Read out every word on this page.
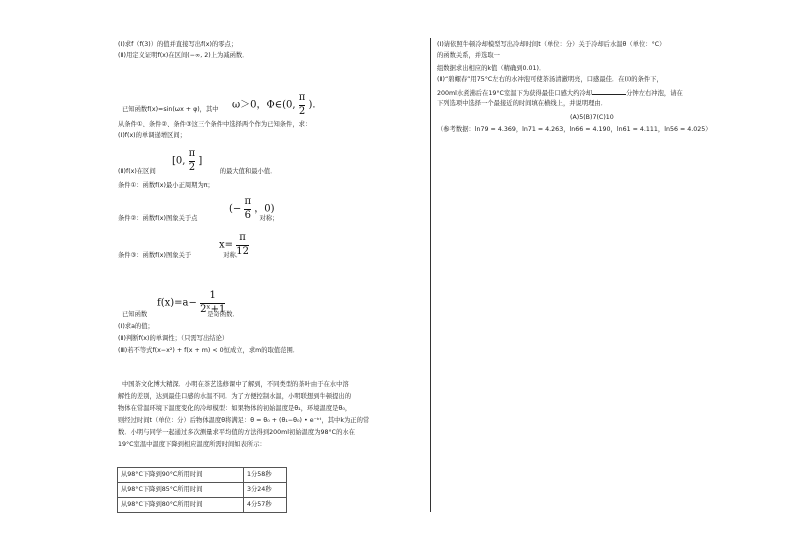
(Ⅰ)求f（f(3)）的值并直接写出f(x)的零点；
(Ⅱ)用定义证明f(x)在区间(−∞, 2)上为减函数．
ω＞0，Φ∈(0, $\frac{\pi}{2}$ )．
已知函数f(x)=sin(ωx + φ)，其中
从条件①、条件②、条件③这三个条件中选择两个作为已知条件，求：
(Ⅰ)f(x)的单调递增区间；
[0, $\frac{\pi}{2}$ ]
(Ⅱ)f(x)在区间	的最大值和最小值．
条件①：函数f(x)最小正周期为π；
(− $\frac{\pi}{6}$ ，0)
条件②：函数f(x)图象关于点	对称；
$x= \frac{\pi}{12}$
条件③：函数f(x)图象关于	对称．
$f(x)=a- \frac{1}{\text{2ˣ+1}}$
已知函数	是奇函数．
(Ⅰ)求a的值；
(Ⅱ)判断f(x)的单调性；（只需写出结论）
(Ⅲ)若不等式f(x−x²) + f(x + m) < 0恒成立，求m的取值范围．
中国茶文化博大精深．小明在茶艺选修课中了解到，不同类型的茶叶由于在水中溶
解性的差别，达到最佳口感的水温不同．为了方便控制水温，小明联想到牛顿提出的
物体在常温环境下温度变化的冷却模型：如果物体的初始温度是θ₁，环境温度是θ₀，
则经过时间t（单位：分）后物体温度θ将满足：θ = θ₀ + (θ₁−θ₀) • e⁻ᵏᵗ，其中k为正的常
数．小明与同学一起通过多次测量求平均值的方法得到200ml初始温度为98°C的水在
19°C室温中温度下降到相应温度所需时间如表所示：
从98°C下降到90°C所用时间	1分58秒
从98°C下降到85°C所用时间	3分24秒
从98°C下降到80°C所用时间	4分57秒
(Ⅰ)请依照牛顿冷却模型写出冷却时间t（单位：分）关于冷却后水温θ（单位：°C）
的函数关系，并选取一
组数据求出相应的k值（精确到0.01)．
(Ⅱ)“碧螺春”用75°C左右的水冲泡可使茶汤清澈明亮，口感最佳．在(Ⅰ)的条件下，
200ml水煮沸后在19°C室温下为获得最佳口感大约冷却	分钟左右冲泡，请在
下列选项中选择一个最接近的时间填在横线上，并说明理由．
(A)5(B)7(C)10
（参考数据：ln79 = 4.369，ln71 = 4.263，ln66 = 4.190，ln61 = 4.111，ln56 = 4.025）
